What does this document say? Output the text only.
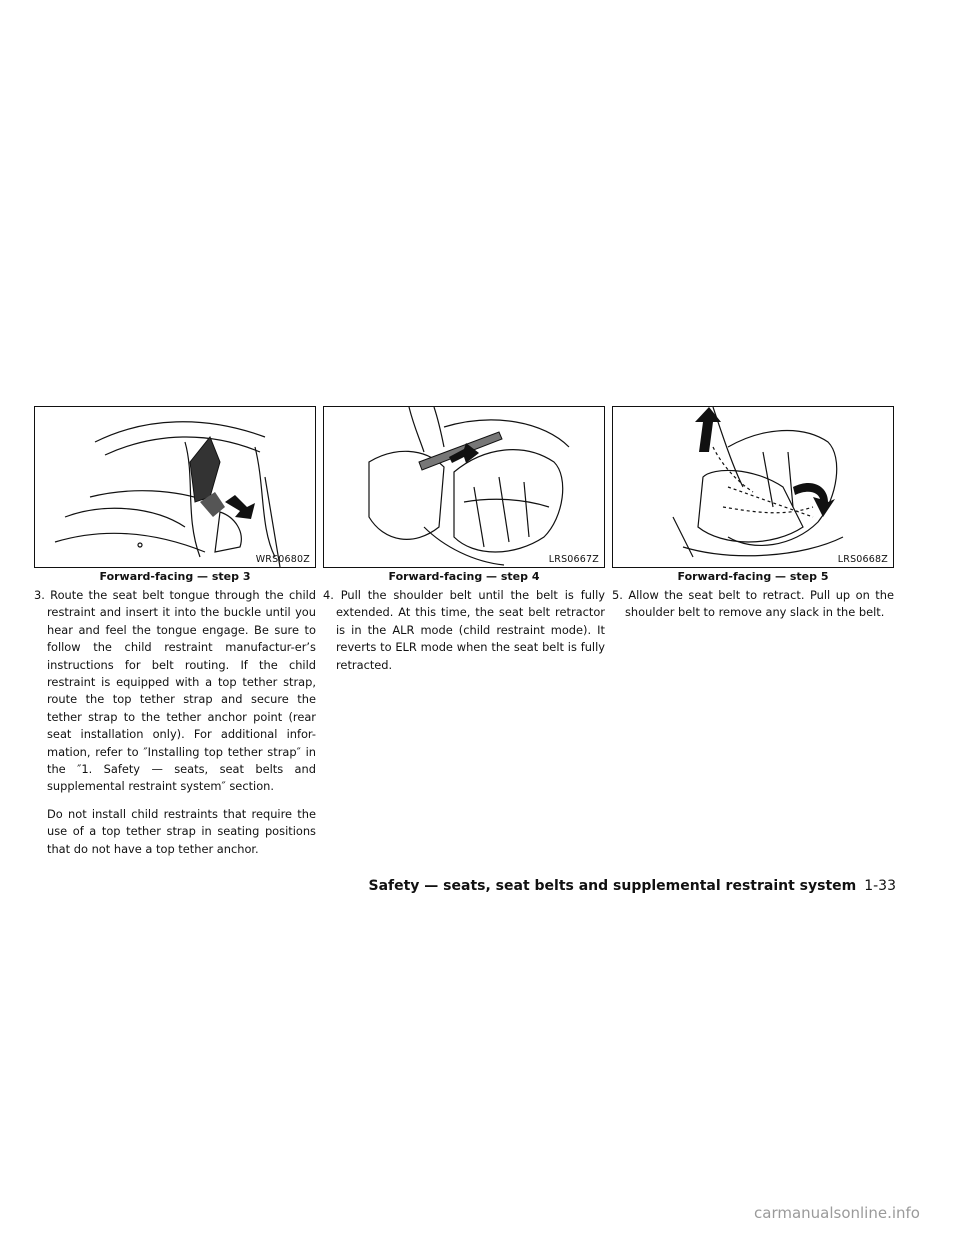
WRS0680Z
Forward-facing — step 3

3. Route the seat belt tongue through the child restraint and insert it into the buckle until you hear and feel the tongue engage. Be sure to follow the child restraint manufactur-er’s instructions for belt routing. If the child restraint is equipped with a top tether strap, route the top tether strap and secure the tether strap to the tether anchor point (rear seat installation only). For additional infor-mation, refer to ″Installing top tether strap″ in the ″1. Safety — seats, seat belts and supplemental restraint system″ section.

Do not install child restraints that require the use of a top tether strap in seating positions that do not have a top tether anchor.

LRS0667Z
Forward-facing — step 4

4. Pull the shoulder belt until the belt is fully extended. At this time, the seat belt retractor is in the ALR mode (child restraint mode). It reverts to ELR mode when the seat belt is fully retracted.

LRS0668Z
Forward-facing — step 5

5. Allow the seat belt to retract. Pull up on the shoulder belt to remove any slack in the belt.

Safety — seats, seat belts and supplemental restraint system 1-33
carmanualsonline.info
